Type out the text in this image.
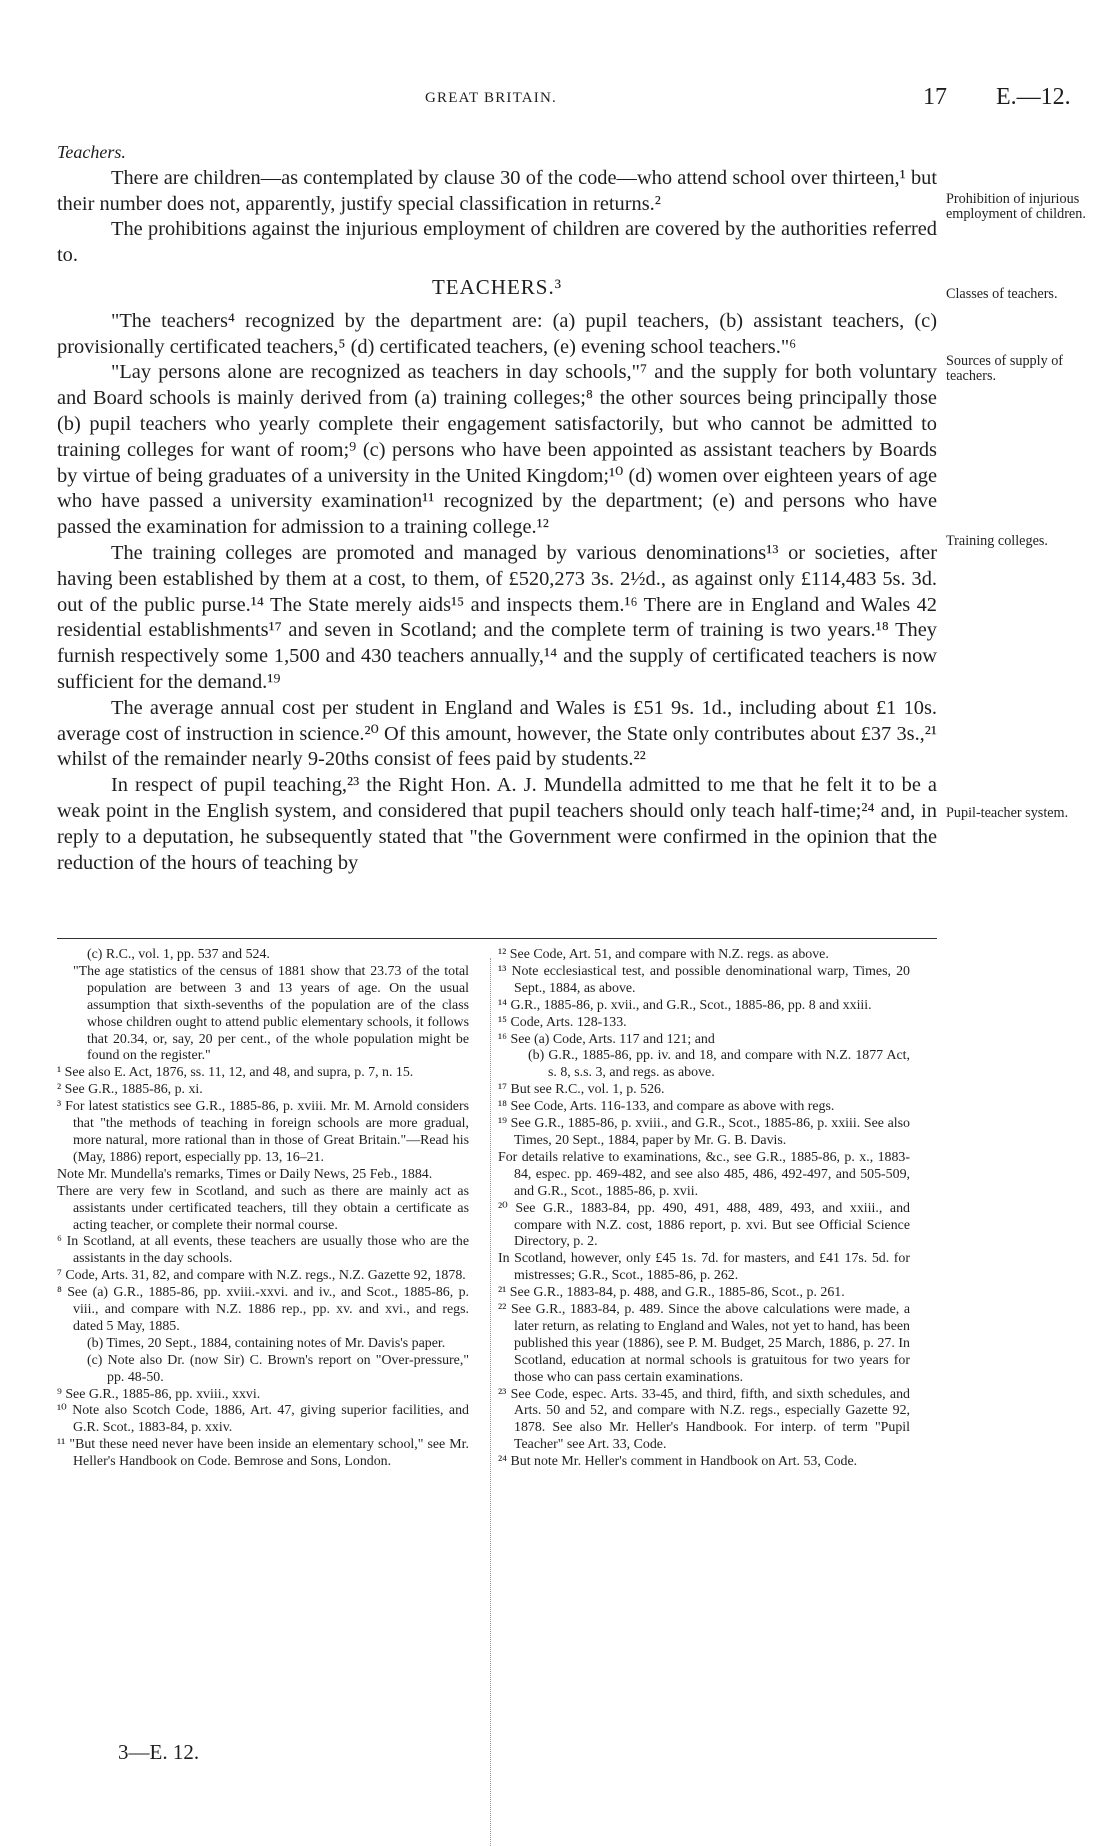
GREAT BRITAIN.	17 E.—12.

Teachers.

There are children—as contemplated by clause 30 of the code—who attend school over thirteen,¹ but their number does not, apparently, justify special classification in returns.²

The prohibitions against the injurious employment of children are covered by the authorities referred to.

TEACHERS.³

"The teachers⁴ recognized by the department are: (a) pupil teachers, (b) assistant teachers, (c) provisionally certificated teachers,⁵ (d) certificated teachers, (e) evening school teachers."⁶

"Lay persons alone are recognized as teachers in day schools,"⁷ and the supply for both voluntary and Board schools is mainly derived from (a) training colleges;⁸ the other sources being principally those (b) pupil teachers who yearly complete their engagement satisfactorily, but who cannot be admitted to training colleges for want of room;⁹ (c) persons who have been appointed as assistant teachers by Boards by virtue of being graduates of a university in the United Kingdom;¹⁰ (d) women over eighteen years of age who have passed a university examination¹¹ recognized by the department; (e) and persons who have passed the examination for admission to a training college.¹²

The training colleges are promoted and managed by various denominations¹³ or societies, after having been established by them at a cost, to them, of £520,273 3s. 2½d., as against only £114,483 5s. 3d. out of the public purse.¹⁴ The State merely aids¹⁵ and inspects them.¹⁶ There are in England and Wales 42 residential establishments¹⁷ and seven in Scotland; and the complete term of training is two years.¹⁸ They furnish respectively some 1,500 and 430 teachers annually,¹⁴ and the supply of certificated teachers is now sufficient for the demand.¹⁹

The average annual cost per student in England and Wales is £51 9s. 1d., including about £1 10s. average cost of instruction in science.²⁰ Of this amount, however, the State only contributes about £37 3s.,²¹ whilst of the remainder nearly 9-20ths consist of fees paid by students.²²

In respect of pupil teaching,²³ the Right Hon. A. J. Mundella admitted to me that he felt it to be a weak point in the English system, and considered that pupil teachers should only teach half-time;²⁴ and, in reply to a deputation, he subsequently stated that "the Government were confirmed in the opinion that the reduction of the hours of teaching by

Prohibition of injurious employment of children.
Classes of teachers.
Sources of supply of teachers.
Training colleges.
Pupil-teacher system.

(c) R.C., vol. 1, pp. 537 and 524.

"The age statistics of the census of 1881 show that 23.73 of the total population are between 3 and 13 years of age. On the usual assumption that sixth-sevenths of the population are of the class whose children ought to attend public elementary schools, it follows that 20.34, or, say, 20 per cent., of the whole population might be found on the register."

¹ See also E. Act, 1876, ss. 11, 12, and 48, and supra, p. 7, n. 15.

² See G.R., 1885-86, p. xi.

³ For latest statistics see G.R., 1885-86, p. xviii. Mr. M. Arnold considers that "the methods of teaching in foreign schools are more gradual, more natural, more rational than in those of Great Britain."—Read his (May, 1886) report, especially pp. 13, 16–21.

Note Mr. Mundella's remarks, Times or Daily News, 25 Feb., 1884.

There are very few in Scotland, and such as there are mainly act as assistants under certificated teachers, till they obtain a certificate as acting teacher, or complete their normal course.

⁶ In Scotland, at all events, these teachers are usually those who are the assistants in the day schools.

⁷ Code, Arts. 31, 82, and compare with N.Z. regs., N.Z. Gazette 92, 1878.

⁸ See (a) G.R., 1885-86, pp. xviii.-xxvi. and iv., and Scot., 1885-86, p. viii., and compare with N.Z. 1886 rep., pp. xv. and xvi., and regs. dated 5 May, 1885.

(b) Times, 20 Sept., 1884, containing notes of Mr. Davis's paper.

(c) Note also Dr. (now Sir) C. Brown's report on "Over-pressure," pp. 48-50.

⁹ See G.R., 1885-86, pp. xviii., xxvi.

¹⁰ Note also Scotch Code, 1886, Art. 47, giving superior facilities, and G.R. Scot., 1883-84, p. xxiv.

¹¹ "But these need never have been inside an elementary school," see Mr. Heller's Handbook on Code. Bemrose and Sons, London.

¹² See Code, Art. 51, and compare with N.Z. regs. as above.

¹³ Note ecclesiastical test, and possible denominational warp, Times, 20 Sept., 1884, as above.

¹⁴ G.R., 1885-86, p. xvii., and G.R., Scot., 1885-86, pp. 8 and xxiii.

¹⁵ Code, Arts. 128-133.

¹⁶ See (a) Code, Arts. 117 and 121; and

(b) G.R., 1885-86, pp. iv. and 18, and compare with N.Z. 1877 Act, s. 8, s.s. 3, and regs. as above.

¹⁷ But see R.C., vol. 1, p. 526.

¹⁸ See Code, Arts. 116-133, and compare as above with regs.

¹⁹ See G.R., 1885-86, p. xviii., and G.R., Scot., 1885-86, p. xxiii. See also Times, 20 Sept., 1884, paper by Mr. G. B. Davis.

For details relative to examinations, &c., see G.R., 1885-86, p. x., 1883-84, espec. pp. 469-482, and see also 485, 486, 492-497, and 505-509, and G.R., Scot., 1885-86, p. xvii.

²⁰ See G.R., 1883-84, pp. 490, 491, 488, 489, 493, and xxiii., and compare with N.Z. cost, 1886 report, p. xvi. But see Official Science Directory, p. 2.

In Scotland, however, only £45 1s. 7d. for masters, and £41 17s. 5d. for mistresses; G.R., Scot., 1885-86, p. 262.

²¹ See G.R., 1883-84, p. 488, and G.R., 1885-86, Scot., p. 261.

²² See G.R., 1883-84, p. 489. Since the above calculations were made, a later return, as relating to England and Wales, not yet to hand, has been published this year (1886), see P. M. Budget, 25 March, 1886, p. 27. In Scotland, education at normal schools is gratuitous for two years for those who can pass certain examinations.

²³ See Code, espec. Arts. 33-45, and third, fifth, and sixth schedules, and Arts. 50 and 52, and compare with N.Z. regs., especially Gazette 92, 1878. See also Mr. Heller's Handbook. For interp. of term "Pupil Teacher" see Art. 33, Code.

²⁴ But note Mr. Heller's comment in Handbook on Art. 53, Code.

3—E. 12.
